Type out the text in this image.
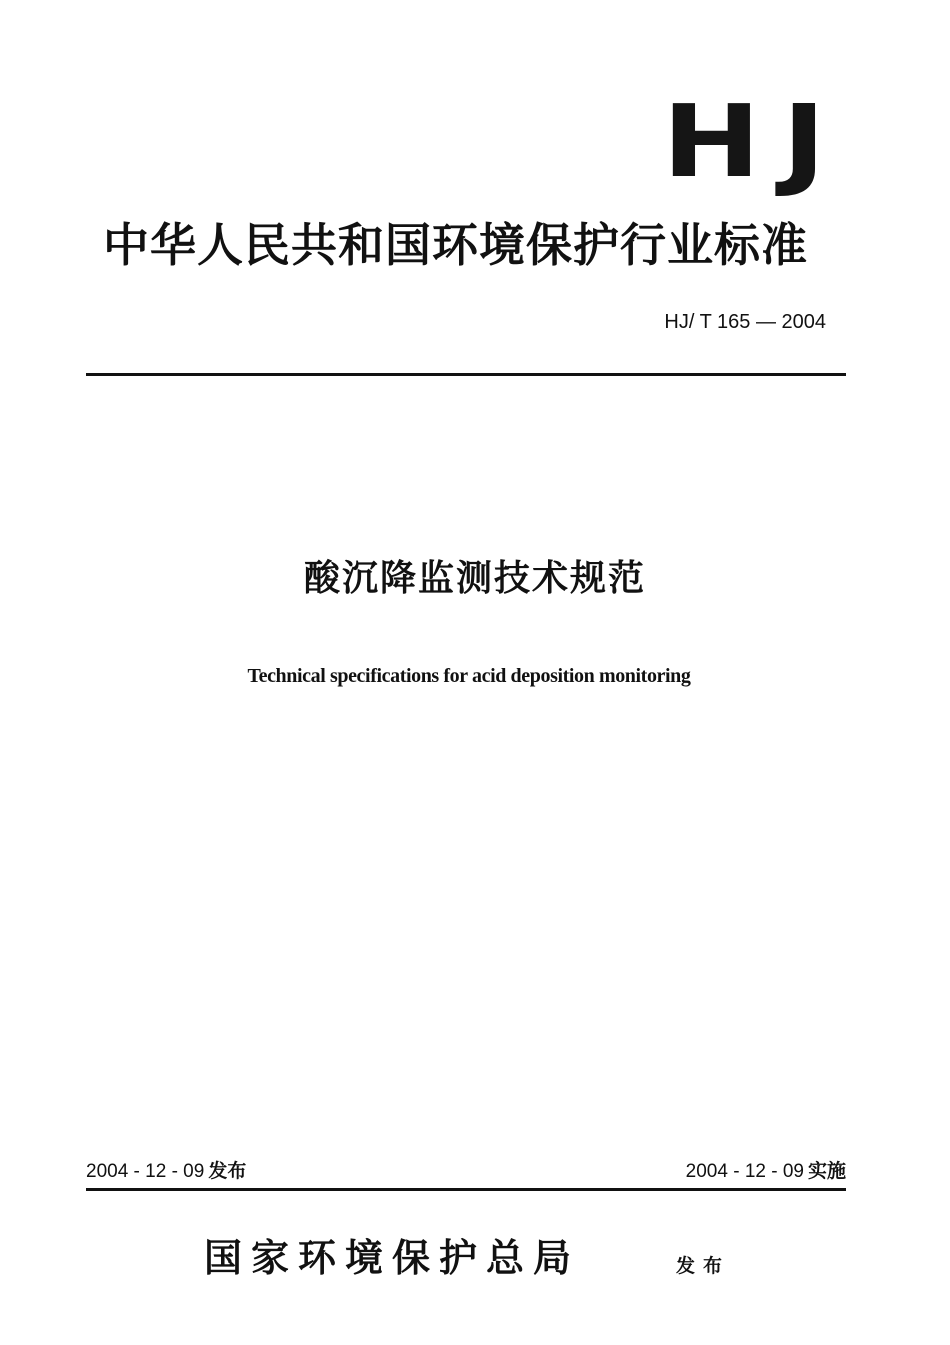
HJ
中华人民共和国环境保护行业标准
HJ/ T 165 — 2004
酸沉降监测技术规范
Technical specifications for acid deposition monitoring
2004 - 12 - 09 发布	2004 - 12 - 09 实施
国家环境保护总局	发布
